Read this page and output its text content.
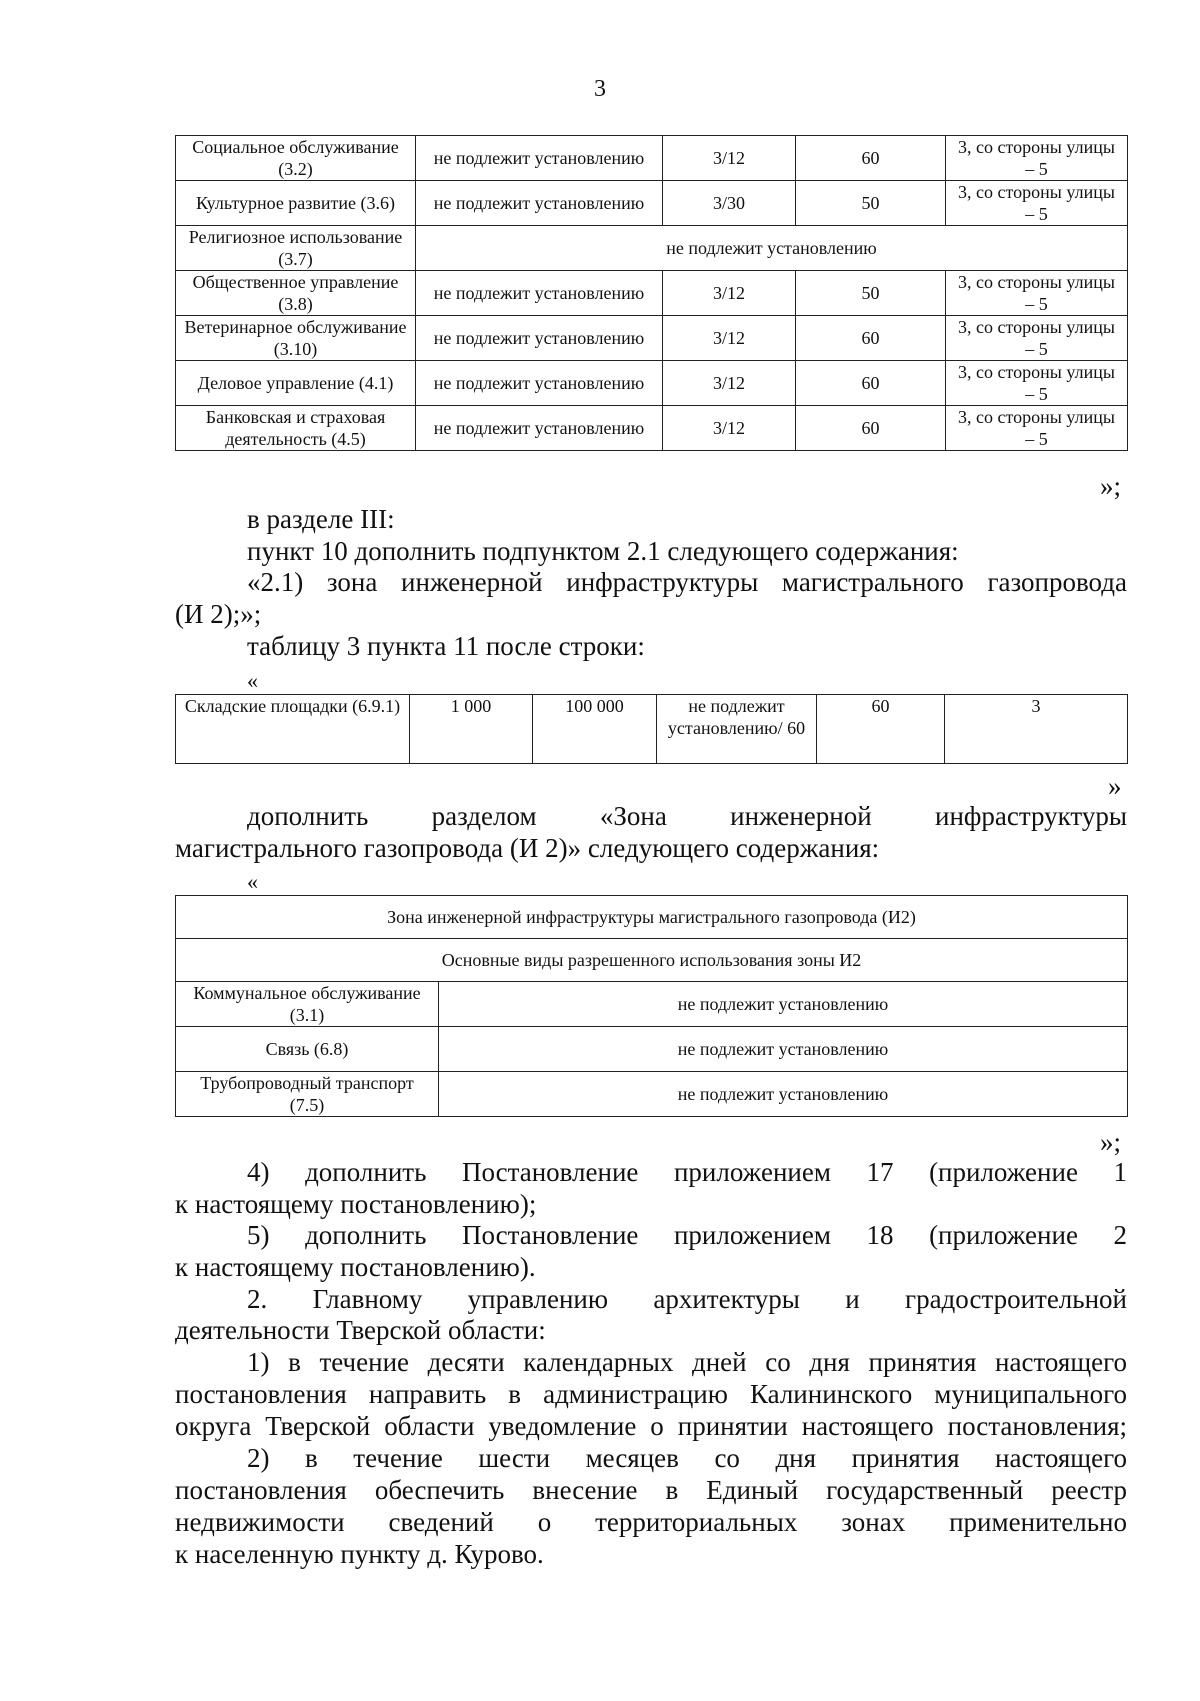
3
Социальное обслуживание (3.2)	не подлежит установлению	3/12	60	3, со стороны улицы – 5
Культурное развитие (3.6)	не подлежит установлению	3/30	50	3, со стороны улицы – 5
Религиозное использование (3.7)	не подлежит установлению			
Общественное управление (3.8)	не подлежит установлению	3/12	50	3, со стороны улицы – 5
Ветеринарное обслуживание (3.10)	не подлежит установлению	3/12	60	3, со стороны улицы – 5
Деловое управление (4.1)	не подлежит установлению	3/12	60	3, со стороны улицы – 5
Банковская и страховая деятельность (4.5)	не подлежит установлению	3/12	60	3, со стороны улицы – 5
»;
в разделе III:
пункт 10 дополнить подпунктом 2.1 следующего содержания:
«2.1) зона инженерной инфраструктуры магистрального газопровода
(И 2);»;
таблицу 3 пункта 11 после строки:
«
Складские площадки (6.9.1)	1 000	100 000	не подлежит установлению/ 60	60	3
»
дополнить разделом «Зона инженерной инфраструктуры
магистрального газопровода (И 2)» следующего содержания:
«
Зона инженерной инфраструктуры магистрального газопровода (И2)	
Основные виды разрешенного использования зоны И2	
Коммунальное обслуживание (3.1)	не подлежит установлению
Связь (6.8)	не подлежит установлению
Трубопроводный транспорт (7.5)	не подлежит установлению
»;
4) дополнить Постановление приложением 17 (приложение 1
к настоящему постановлению);
5) дополнить Постановление приложением 18 (приложение 2
к настоящему постановлению).
2. Главному управлению архитектуры и градостроительной
деятельности Тверской области:
1) в течение десяти календарных дней со дня принятия настоящего
постановления направить в администрацию Калининского муниципального
округа Тверской области уведомление о принятии настоящего постановления;
2) в течение шести месяцев со дня принятия настоящего
постановления обеспечить внесение в Единый государственный реестр
недвижимости сведений о территориальных зонах применительно
к населенную пункту д. Курово.
